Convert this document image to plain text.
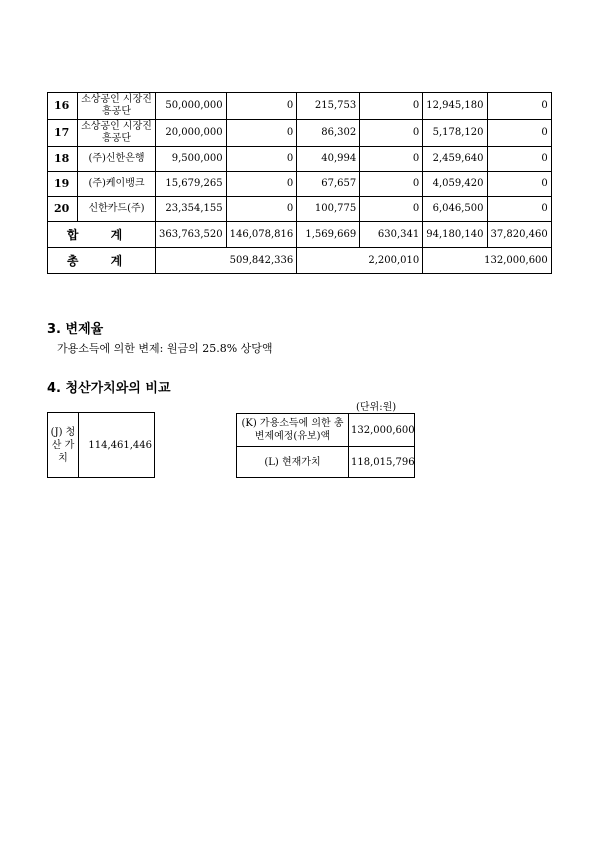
16	소상공인 시장진흥공단	50,000,000	0	215,753	0	12,945,180	0
17	소상공인 시장진흥공단	20,000,000	0	86,302	0	5,178,120	0
18	(주)신한은행	9,500,000	0	40,994	0	2,459,640	0
19	(주)케이뱅크	15,679,265	0	67,657	0	4,059,420	0
20	신한카드(주)	23,354,155	0	100,775	0	6,046,500	0
합 계		363,763,520	146,078,816	1,569,669	630,341	94,180,140	37,820,460
총 계		509,842,336		2,200,010		132,000,600	
3. 변제율
가용소득에 의한 변제: 원금의 25.8% 상당액
4. 청산가치와의 비교
(단위:원)
(J) 청산 가치	114,461,446
(K) 가용소득에 의한 총변제예정(유보)액	132,000,600
(L) 현재가치	118,015,796
